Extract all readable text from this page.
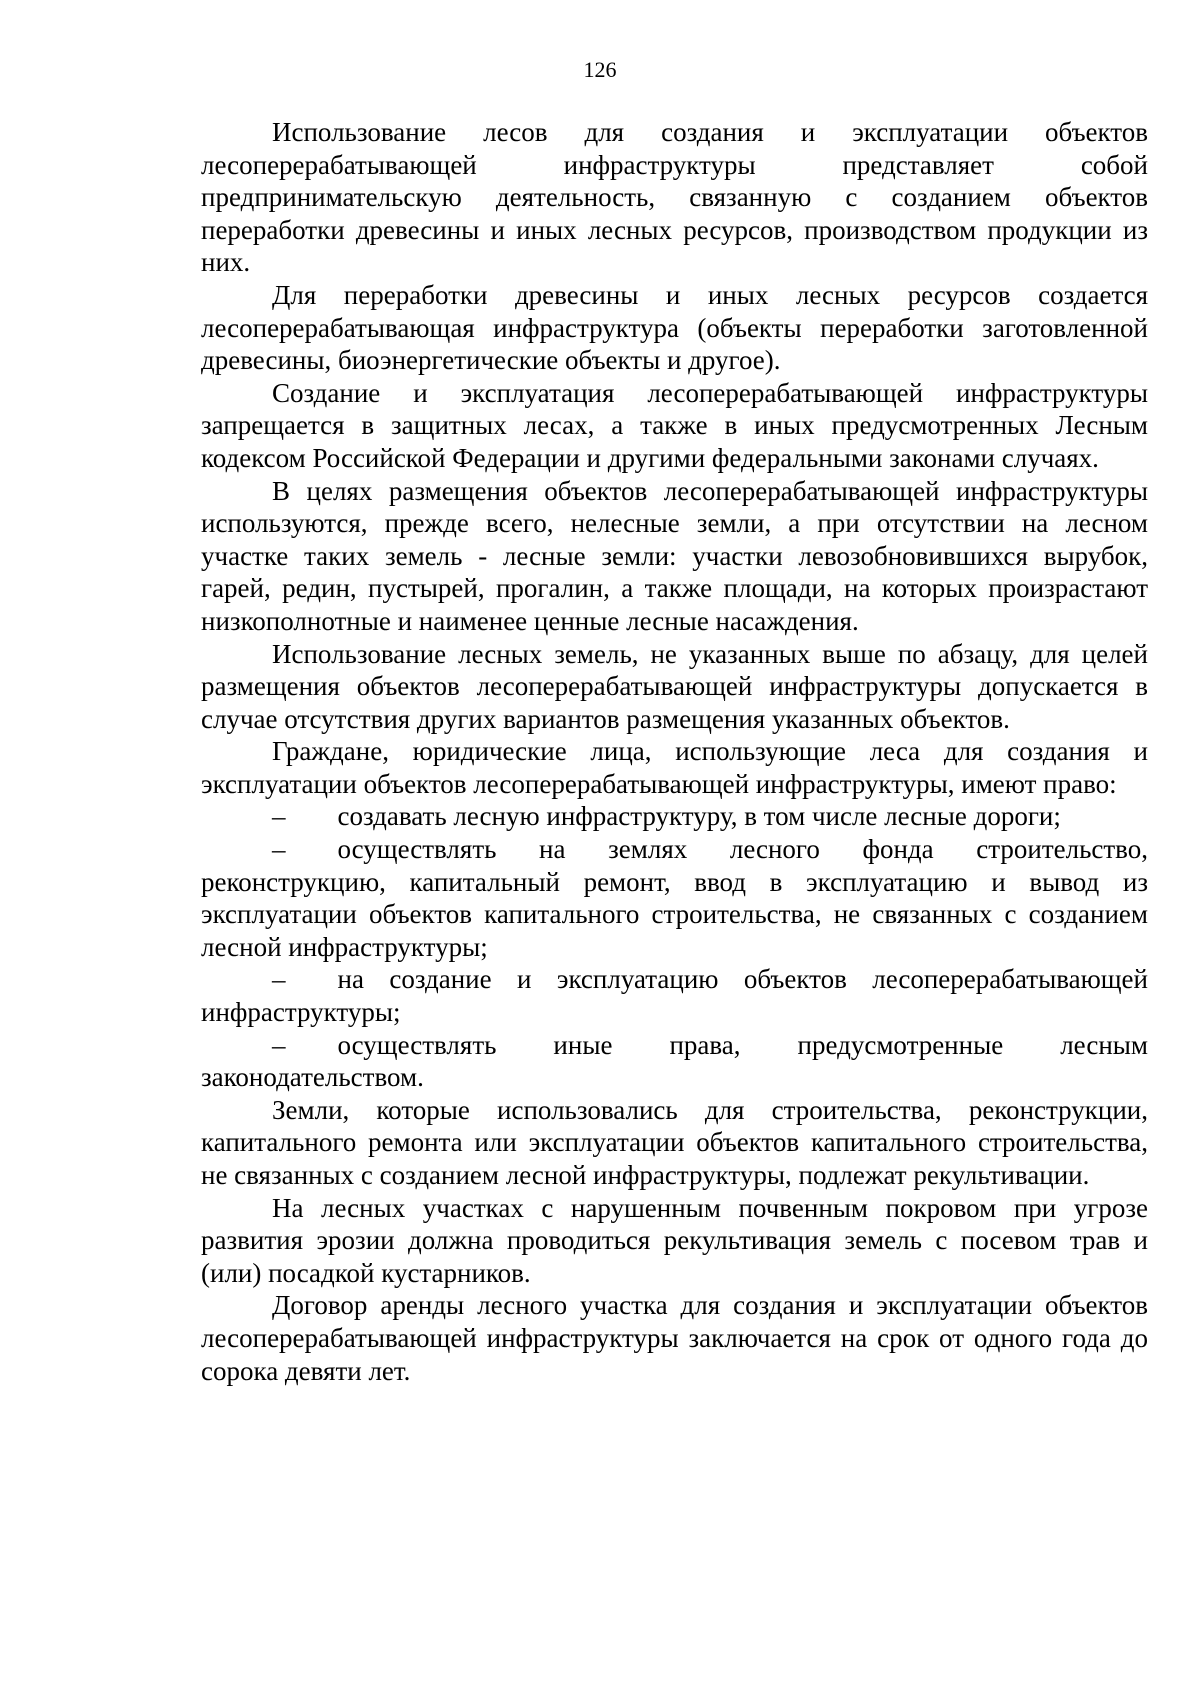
126

Использование лесов для создания и эксплуатации объектов лесоперерабатывающей инфраструктуры представляет собой предпринимательскую деятельность, связанную с созданием объектов переработки древесины и иных лесных ресурсов, производством продукции из них.

Для переработки древесины и иных лесных ресурсов создается лесоперерабатывающая инфраструктура (объекты переработки заготовленной древесины, биоэнергетические объекты и другое).

Создание и эксплуатация лесоперерабатывающей инфраструктуры запрещается в защитных лесах, а также в иных предусмотренных Лесным кодексом Российской Федерации и другими федеральными законами случаях.

В целях размещения объектов лесоперерабатывающей инфраструктуры используются, прежде всего, нелесные земли, а при отсутствии на лесном участке таких земель - лесные земли: участки левозобновившихся вырубок, гарей, редин, пустырей, прогалин, а также площади, на которых произрастают низкополнотные и наименее ценные лесные насаждения.

Использование лесных земель, не указанных выше по абзацу, для целей размещения объектов лесоперерабатывающей инфраструктуры допускается в случае отсутствия других вариантов размещения указанных объектов.

Граждане, юридические лица, использующие леса для создания и эксплуатации объектов лесоперерабатывающей инфраструктуры, имеют право:

– создавать лесную инфраструктуру, в том числе лесные дороги;

– осуществлять на землях лесного фонда строительство, реконструкцию, капитальный ремонт, ввод в эксплуатацию и вывод из эксплуатации объектов капитального строительства, не связанных с созданием лесной инфраструктуры;

– на создание и эксплуатацию объектов лесоперерабатывающей инфраструктуры;

– осуществлять иные права, предусмотренные лесным законодательством.

Земли, которые использовались для строительства, реконструкции, капитального ремонта или эксплуатации объектов капитального строительства, не связанных с созданием лесной инфраструктуры, подлежат рекультивации.

На лесных участках с нарушенным почвенным покровом при угрозе развития эрозии должна проводиться рекультивация земель с посевом трав и (или) посадкой кустарников.

Договор аренды лесного участка для создания и эксплуатации объектов лесоперерабатывающей инфраструктуры заключается на срок от одного года до сорока девяти лет.
